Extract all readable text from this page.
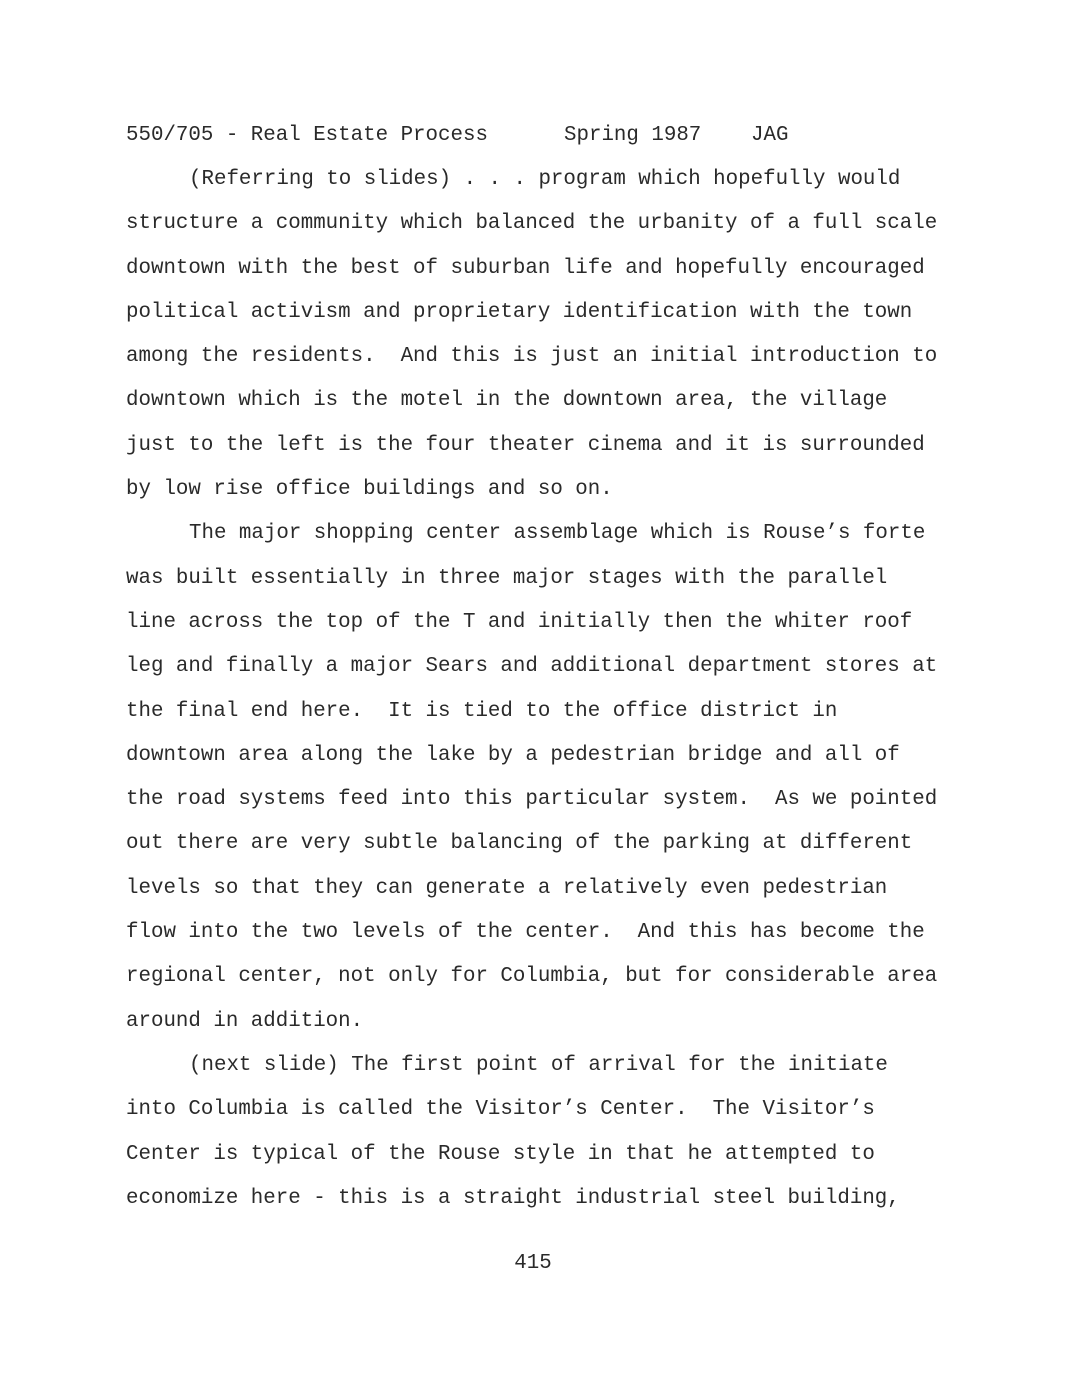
550/705 - Real Estate Process	Spring 1987 JAG
(Referring to slides) . . . program which hopefully would
structure a community which balanced the urbanity of a full scale
downtown with the best of suburban life and hopefully encouraged
political activism and proprietary identification with the town
among the residents.  And this is just an initial introduction to
downtown which is the motel in the downtown area, the village
just to the left is the four theater cinema and it is surrounded
by low rise office buildings and so on.
The major shopping center assemblage which is Rouse’s forte
was built essentially in three major stages with the parallel
line across the top of the T and initially then the whiter roof
leg and finally a major Sears and additional department stores at
the final end here.  It is tied to the office district in
downtown area along the lake by a pedestrian bridge and all of
the road systems feed into this particular system.  As we pointed
out there are very subtle balancing of the parking at different
levels so that they can generate a relatively even pedestrian
flow into the two levels of the center.  And this has become the
regional center, not only for Columbia, but for considerable area
around in addition.
(next slide) The first point of arrival for the initiate
into Columbia is called the Visitor’s Center.  The Visitor’s
Center is typical of the Rouse style in that he attempted to
economize here - this is a straight industrial steel building,
415
